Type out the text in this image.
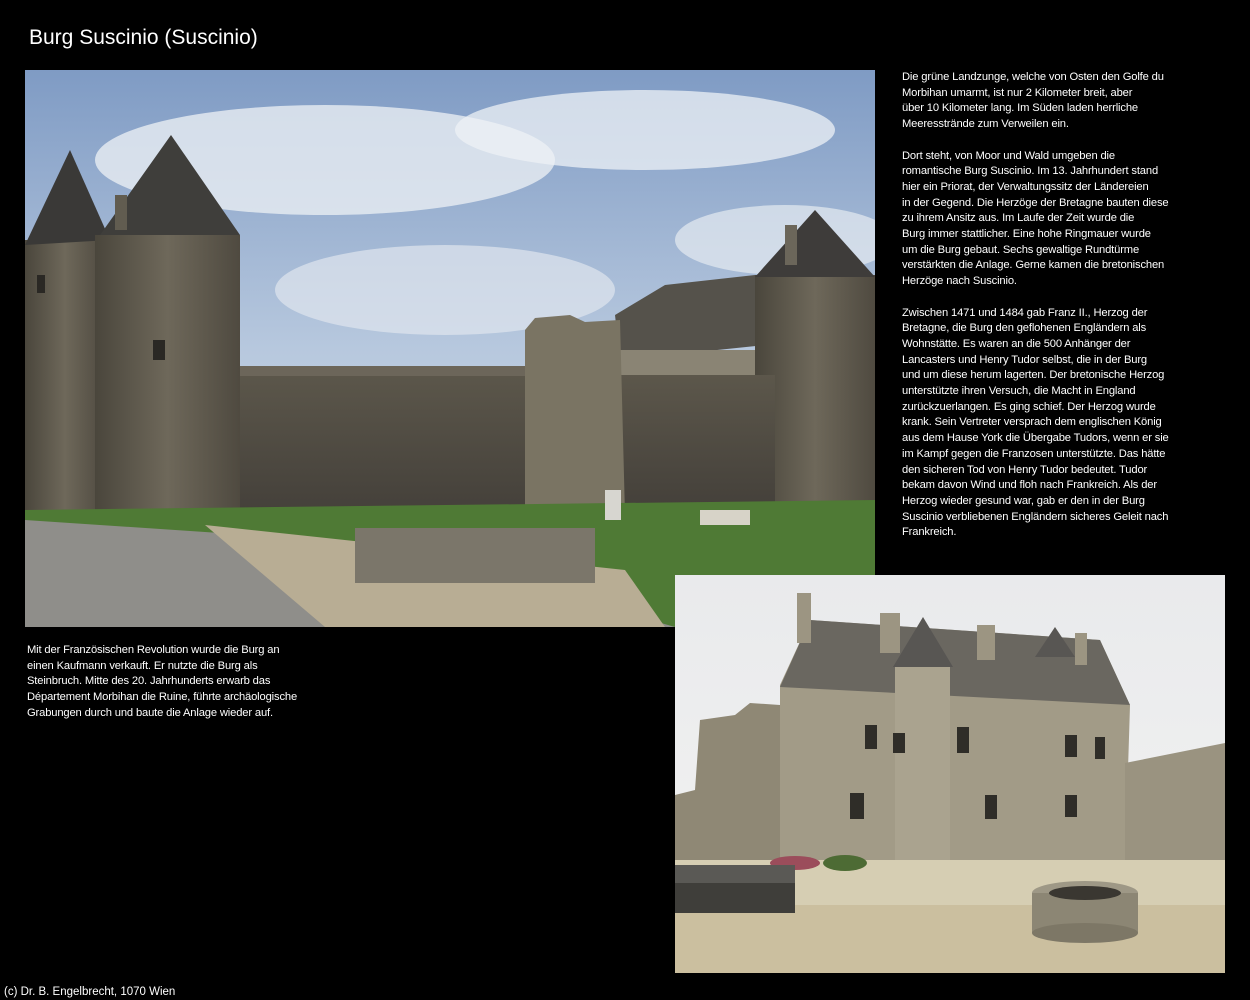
Burg Suscinio (Suscinio)

Die grüne Landzunge, welche von Osten den Golfe du
Morbihan umarmt, ist nur 2 Kilometer breit, aber
über 10 Kilometer lang. Im Süden laden herrliche
Meeresstrände zum Verweilen ein.

Dort steht, von Moor und Wald umgeben die
romantische Burg Suscinio. Im 13. Jahrhundert stand
hier ein Priorat, der Verwaltungssitz der Ländereien
in der Gegend. Die Herzöge der Bretagne bauten diese
zu ihrem Ansitz aus. Im Laufe der Zeit wurde die
Burg immer stattlicher. Eine hohe Ringmauer wurde
um die Burg gebaut. Sechs gewaltige Rundtürme
verstärkten die Anlage. Gerne kamen die bretonischen
Herzöge nach Suscinio.

Zwischen 1471 und 1484 gab Franz II., Herzog der
Bretagne, die Burg den geflohenen Engländern als
Wohnstätte. Es waren an die 500 Anhänger der
Lancasters und Henry Tudor selbst, die in der Burg
und um diese herum lagerten. Der bretonische Herzog
unterstützte ihren Versuch, die Macht in England
zurückzuerlangen. Es ging schief. Der Herzog wurde
krank. Sein Vertreter versprach dem englischen König
aus dem Hause York die Übergabe Tudors, wenn er sie
im Kampf gegen die Franzosen unterstützte. Das hätte
den sicheren Tod von Henry Tudor bedeutet. Tudor
bekam davon Wind und floh nach Frankreich. Als der
Herzog wieder gesund war, gab er den in der Burg
Suscinio verbliebenen Engländern sicheres Geleit nach
Frankreich.

Mit der Französischen Revolution wurde die Burg an
einen Kaufmann verkauft. Er nutzte die Burg als
Steinbruch. Mitte des 20. Jahrhunderts erwarb das
Département Morbihan die Ruine, führte archäologische
Grabungen durch und baute die Anlage wieder auf.

(c) Dr. B. Engelbrecht, 1070 Wien
